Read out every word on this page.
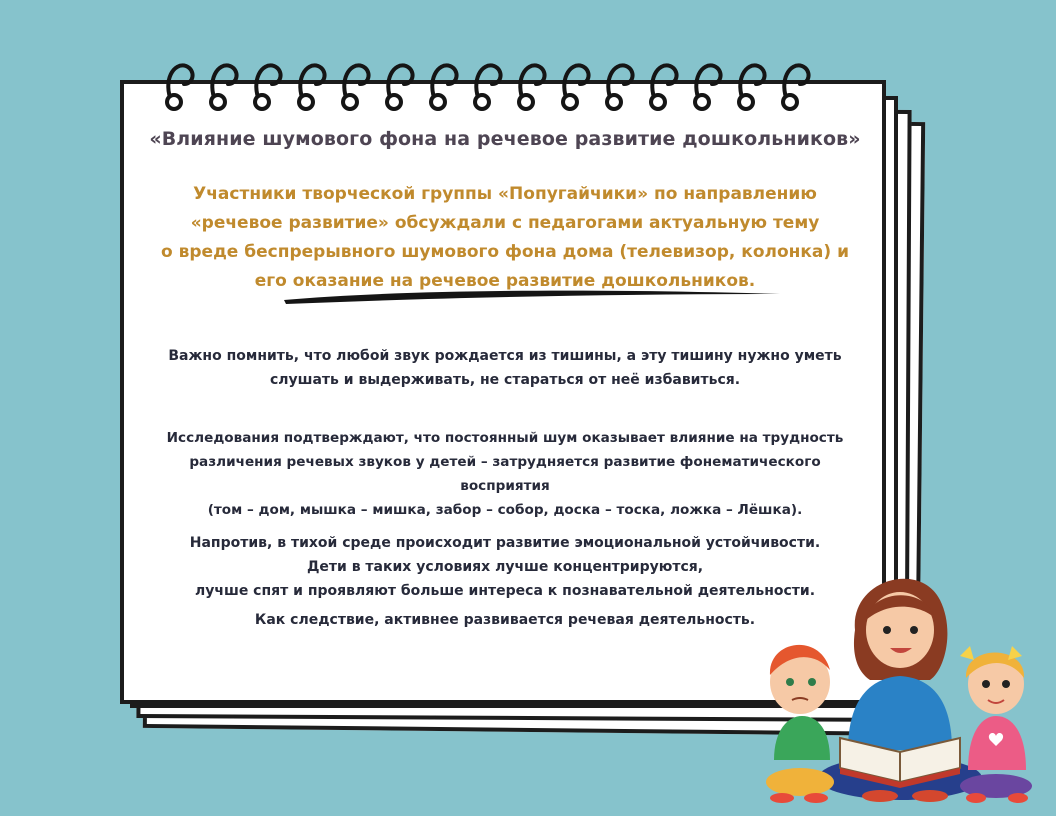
«Влияние шумового фона на речевое развитие дошкольников»
Участники творческой группы «Попугайчики» по направлению
«речевое развитие» обсуждали с педагогами актуальную тему
о вреде беспрерывного шумового фона дома (телевизор, колонка) и
его оказание на речевое развитие дошкольников.
Важно помнить, что любой звук рождается из тишины, а эту тишину нужно уметь
слушать и выдерживать, не стараться от неё избавиться.
Исследования подтверждают, что постоянный шум оказывает влияние на трудность
различения речевых звуков у детей – затрудняется развитие фонематического
восприятия
(том – дом, мышка – мишка, забор – собор, доска – тоска, ложка – Лёшка).
Напротив, в тихой среде происходит развитие эмоциональной устойчивости.
Дети в таких условиях лучше концентрируются,
лучше спят и проявляют больше интереса к познавательной деятельности.
Как следствие, активнее развивается речевая деятельность.
